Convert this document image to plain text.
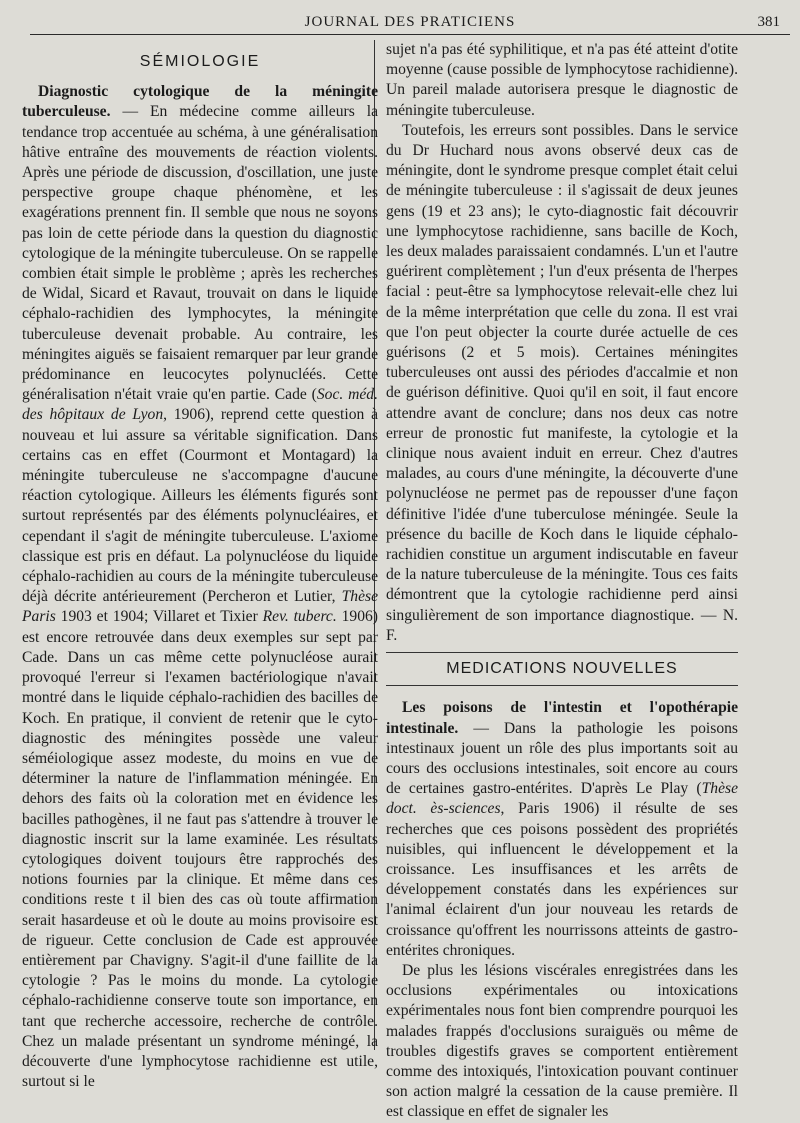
JOURNAL DES PRATICIENS	381
SÉMIOLOGIE

Diagnostic cytologique de la méningite tuberculeuse. — En médecine comme ailleurs la tendance trop accentuée au schéma, à une généralisation hâtive entraîne des mouvements de réaction violents. Après une période de discussion, d'oscillation, une juste perspective groupe chaque phénomène, et les exagérations prennent fin. Il semble que nous ne soyons pas loin de cette période dans la question du diagnostic cytologique de la méningite tuberculeuse. On se rappelle combien était simple le problème ; après les recherches de Widal, Sicard et Ravaut, trouvait on dans le liquide céphalo-rachidien des lymphocytes, la méningite tuberculeuse devenait probable. Au contraire, les méningites aiguës se faisaient remarquer par leur grande prédominance en leucocytes polynucléés. Cette généralisation n'était vraie qu'en partie. Cade (Soc. méd. des hôpitaux de Lyon, 1906), reprend cette question à nouveau et lui assure sa véritable signification. Dans certains cas en effet (Courmont et Montagard) la méningite tuberculeuse ne s'accompagne d'aucune réaction cytologique. Ailleurs les éléments figurés sont surtout représentés par des éléments polynucléaires, et cependant il s'agit de méningite tuberculeuse. L'axiome classique est pris en défaut. La polynucléose du liquide céphalo-rachidien au cours de la méningite tuberculeuse déjà décrite antérieurement (Percheron et Lutier, Thèse Paris 1903 et 1904; Villaret et Tixier Rev. tuberc. 1906) est encore retrouvée dans deux exemples sur sept par Cade. Dans un cas même cette polynucléose aurait provoqué l'erreur si l'examen bactériologique n'avait montré dans le liquide céphalo-rachidien des bacilles de Koch. En pratique, il convient de retenir que le cyto-diagnostic des méningites possède une valeur séméiologique assez modeste, du moins en vue de déterminer la nature de l'inflammation méningée. En dehors des faits où la coloration met en évidence les bacilles pathogènes, il ne faut pas s'attendre à trouver le diagnostic inscrit sur la lame examinée. Les résultats cytologiques doivent toujours être rapprochés des notions fournies par la clinique. Et même dans ces conditions reste t il bien des cas où toute affirmation serait hasardeuse et où le doute au moins provisoire est de rigueur. Cette conclusion de Cade est approuvée entièrement par Chavigny. S'agit-il d'une faillite de la cytologie ? Pas le moins du monde. La cytologie céphalo-rachidienne conserve toute son importance, en tant que recherche accessoire, recherche de contrôle. Chez un malade présentant un syndrome méningé, la découverte d'une lymphocytose rachidienne est utile, surtout si le

sujet n'a pas été syphilitique, et n'a pas été atteint d'otite moyenne (cause possible de lymphocytose rachidienne). Un pareil malade autorisera presque le diagnostic de méningite tuberculeuse.

Toutefois, les erreurs sont possibles. Dans le service du Dr Huchard nous avons observé deux cas de méningite, dont le syndrome presque complet était celui de méningite tuberculeuse : il s'agissait de deux jeunes gens (19 et 23 ans); le cyto-diagnostic fait découvrir une lymphocytose rachidienne, sans bacille de Koch, les deux malades paraissaient condamnés. L'un et l'autre guérirent complètement ; l'un d'eux présenta de l'herpes facial : peut-être sa lymphocytose relevait-elle chez lui de la même interprétation que celle du zona. Il est vrai que l'on peut objecter la courte durée actuelle de ces guérisons (2 et 5 mois). Certaines méningites tuberculeuses ont aussi des périodes d'accalmie et non de guérison définitive. Quoi qu'il en soit, il faut encore attendre avant de conclure; dans nos deux cas notre erreur de pronostic fut manifeste, la cytologie et la clinique nous avaient induit en erreur. Chez d'autres malades, au cours d'une méningite, la découverte d'une polynucléose ne permet pas de repousser d'une façon définitive l'idée d'une tuberculose méningée. Seule la présence du bacille de Koch dans le liquide céphalo-rachidien constitue un argument indiscutable en faveur de la nature tuberculeuse de la méningite. Tous ces faits démontrent que la cytologie rachidienne perd ainsi singulièrement de son importance diagnostique. — N. F.

MEDICATIONS NOUVELLES

Les poisons de l'intestin et l'opothérapie intestinale. — Dans la pathologie les poisons intestinaux jouent un rôle des plus importants soit au cours des occlusions intestinales, soit encore au cours de certaines gastro-entérites. D'après Le Play (Thèse doct. ès-sciences, Paris 1906) il résulte de ses recherches que ces poisons possèdent des propriétés nuisibles, qui influencent le développement et la croissance. Les insuffisances et les arrêts de développement constatés dans les expériences sur l'animal éclairent d'un jour nouveau les retards de croissance qu'offrent les nourrissons atteints de gastro-entérites chroniques.

De plus les lésions viscérales enregistrées dans les occlusions expérimentales ou intoxications expérimentales nous font bien comprendre pourquoi les malades frappés d'occlusions suraiguës ou même de troubles digestifs graves se comportent entièrement comme des intoxiqués, l'intoxication pouvant continuer son action malgré la cessation de la cause première. Il est classique en effet de signaler les
